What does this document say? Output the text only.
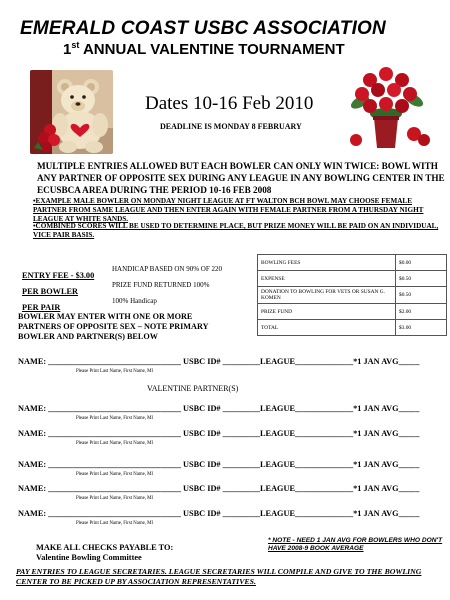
EMERALD COAST USBC ASSOCIATION
1st ANNUAL VALENTINE TOURNAMENT
Dates 10-16 Feb 2010
DEADLINE IS MONDAY 8 FEBRUARY
MULTIPLE ENTRIES ALLOWED BUT EACH BOWLER CAN ONLY WIN TWICE: BOWL WITH ANY PARTNER OF OPPOSITE SEX DURING ANY LEAGUE IN ANY BOWLING CENTER IN THE ECUSBCA AREA DURING THE PERIOD 10-16 FEB 2008
•EXAMPLE MALE BOWLER ON MONDAY NIGHT LEAGUE AT FT WALTON BCH BOWL MAY CHOOSE FEMALE PARTNER FROM SAME LEAGUE AND THEN ENTER AGAIN WITH FEMALE PARTNER FROM A THURSDAY NIGHT LEAGUE AT WHITE SANDS.
•COMBINED SCORES WILL BE USED TO DETERMINE PLACE, BUT PRIZE MONEY WILL BE PAID ON AN INDIVIDUAL, VICE PAIR BASIS.
ENTRY FEE - $3.00
PER BOWLER
PER PAIR
HANDICAP BASED ON 90% OF 220
PRIZE FUND RETURNED 100%
100% Handicap
BOWLER MAY ENTER WITH ONE OR MORE PARTNERS OF OPPOSITE SEX – NOTE PRIMARY BOWLER AND PARTNER(S) BELOW
BOWLING FEES	$0.00
EXPENSE	$0.50
DONATION TO BOWLING FOR VETS OR SUSAN G. KOMEN	$0.50
PRIZE FUND	$2.00
TOTAL	$3.00
NAME: ________________________________ USBC ID# _________LEAGUE______________*1 JAN AVG_____
Please Print Last Name, First Name, MI
VALENTINE PARTNER(S)
NAME: ________________________________ USBC ID# _________LEAGUE______________*1 JAN AVG_____
Please Print Last Name, First Name, MI
NAME: ________________________________ USBC ID# _________LEAGUE______________*1 JAN AVG_____
Please Print Last Name, First Name, MI
NAME: ________________________________ USBC ID# _________LEAGUE______________*1 JAN AVG_____
Please Print Last Name, First Name, MI
NAME: ________________________________ USBC ID# _________LEAGUE______________*1 JAN AVG_____
Please Print Last Name, First Name, MI
NAME: ________________________________ USBC ID# _________LEAGUE______________*1 JAN AVG_____
Please Print Last Name, First Name, MI
* NOTE - NEED 1 JAN AVG FOR BOWLERS WHO DON'T HAVE 2008-9 BOOK AVERAGE
MAKE ALL CHECKS PAYABLE TO:
Valentine Bowling Committee
PAY ENTRIES TO LEAGUE SECRETARIES. LEAGUE SECRETARIES WILL COMPILE AND GIVE TO THE BOWLING CENTER TO BE PICKED UP BY ASSOCIATION REPRESENTATIVES.
